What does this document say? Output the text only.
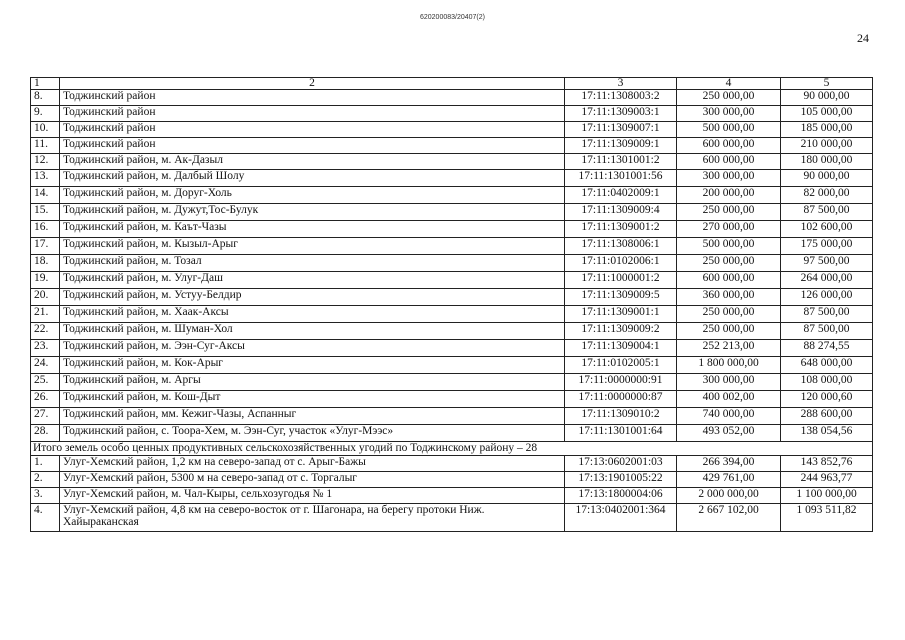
620200083/20407(2)
24
1	2	3	4	5
8.	Тоджинский район	17:11:1308003:2	250 000,00	90 000,00
9.	Тоджинский район	17:11:1309003:1	300 000,00	105 000,00
10.	Тоджинский район	17:11:1309007:1	500 000,00	185 000,00
11.	Тоджинский район	17:11:1309009:1	600 000,00	210 000,00
12.	Тоджинский район, м. Ак-Дазыл	17:11:1301001:2	600 000,00	180 000,00
13.	Тоджинский район, м. Далбый Шолу	17:11:1301001:56	300 000,00	90 000,00
14.	Тоджинский район, м. Доруг-Холь	17:11:0402009:1	200 000,00	82 000,00
15.	Тоджинский район, м. Дужут,Тос-Булук	17:11:1309009:4	250 000,00	87 500,00
16.	Тоджинский район, м. Каът-Чазы	17:11:1309001:2	270 000,00	102 600,00
17.	Тоджинский район, м. Кызыл-Арыг	17:11:1308006:1	500 000,00	175 000,00
18.	Тоджинский район, м. Тозал	17:11:0102006:1	250 000,00	97 500,00
19.	Тоджинский район, м. Улуг-Даш	17:11:1000001:2	600 000,00	264 000,00
20.	Тоджинский район, м. Устуу-Белдир	17:11:1309009:5	360 000,00	126 000,00
21.	Тоджинский район, м. Хаак-Аксы	17:11:1309001:1	250 000,00	87 500,00
22.	Тоджинский район, м. Шуман-Хол	17:11:1309009:2	250 000,00	87 500,00
23.	Тоджинский район, м. Ээн-Суг-Аксы	17:11:1309004:1	252 213,00	88 274,55
24.	Тоджинский район, м. Кок-Арыг	17:11:0102005:1	1 800 000,00	648 000,00
25.	Тоджинский район, м. Аргы	17:11:0000000:91	300 000,00	108 000,00
26.	Тоджинский район, м. Кош-Дыт	17:11:0000000:87	400 002,00	120 000,60
27.	Тоджинский район, мм. Кежиг-Чазы, Аспанныг	17:11:1309010:2	740 000,00	288 600,00
28.	Тоджинский район, с. Тоора-Хем, м. Ээн-Суг, участок «Улуг-Мээс»	17:11:1301001:64	493 052,00	138 054,56
Итого земель особо ценных продуктивных сельскохозяйственных угодий по Тоджинскому району – 28				
1.	Улуг-Хемский район, 1,2 км на северо-запад от с. Арыг-Бажы	17:13:0602001:03	266 394,00	143 852,76
2.	Улуг-Хемский район, 5300 м на северо-запад от с. Торгалыг	17:13:1901005:22	429 761,00	244 963,77
3.	Улуг-Хемский район, м. Чал-Кыры, сельхозугодья № 1	17:13:1800004:06	2 000 000,00	1 100 000,00
4.	Улуг-Хемский район, 4,8 км на северо-восток от г. Шагонара, на берегу протоки Ниж. Хайыраканская	17:13:0402001:364	2 667 102,00	1 093 511,82
